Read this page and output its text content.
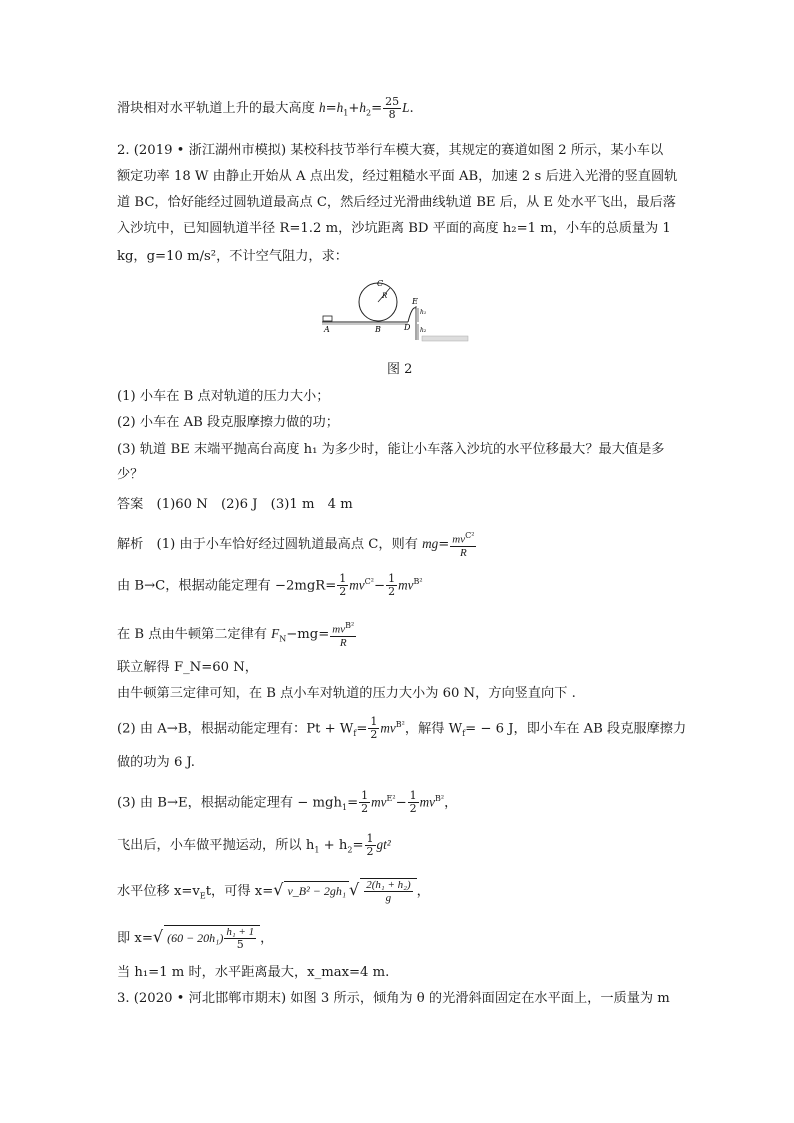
滑块相对水平轨道上升的最大高度 $h=h_1+h_2= \frac{25}{8} L$.
2. (2019 • 浙江湖州市模拟) 某校科技节举行车模大赛，其规定的赛道如图 2 所示，某小车以
额定功率 18 W 由静止开始从 A 点出发，经过粗糙水平面 AB，加速 2 s 后进入光滑的竖直圆轨
道 BC，恰好能经过圆轨道最高点 C，然后经过光滑曲线轨道 BE 后，从 E 处水平飞出，最后落
入沙坑中，已知圆轨道半径 R=1.2 m，沙坑距离 BD 平面的高度 h₂=1 m，小车的总质量为 1
kg，g=10 m/s²，不计空气阻力，求：
C
R
E
h₁
D h₂
A	B
图 2
(1) 小车在 B 点对轨道的压力大小；
(2) 小车在 AB 段克服摩擦力做的功；
(3) 轨道 BE 末端平抛高台高度 h₁ 为多少时，能让小车落入沙坑的水平位移最大？最大值是多
少？
答案　(1)60 N　(2)6 J　(3)1 m　4 m
解析　(1) 由于小车恰好经过圆轨道最高点 C，则有 $mg= \frac{mv^{C^2}}{R}$
由 B→C，根据动能定理有 $-2mgR= \frac{1}{2} mv^{C^2}- \frac{1}{2} mv^{B^2}$
在 B 点由牛顿第二定律有 $F_N-mg= \frac{mv^{B^2}}{R}$
联立解得 F_N=60 N，
由牛顿第三定律可知，在 B 点小车对轨道的压力大小为 60 N，方向竖直向下 .
(2) 由 A→B，根据动能定理有：$Pt + W_f= \frac{1}{2} mv^{B^2}$，解得 $W_f= - 6$ J，即小车在 AB 段克服摩擦力
做的功为 6 J.
(3) 由 B→E，根据动能定理有 − $mgh_1= \frac{1}{2} mv^{E^2}- \frac{1}{2} mv^{B^2}$，
飞出后，小车做平抛运动，所以 $h_1 + h_2= \frac{1}{2} gt^2$
水平位移 $x=v_Et$，可得 x=√ v_B² − 2gh₁ √ $\frac{\text{2(h₁ + h₂)}}{g}$ ，
即 x=√ $(60 - 20h_1) \frac{\text{h₁ + 1}}{5}$ ，
当 h₁=1 m 时，水平距离最大，x_max=4 m.
3. (2020 • 河北邯郸市期末) 如图 3 所示，倾角为 θ 的光滑斜面固定在水平面上，一质量为 m
